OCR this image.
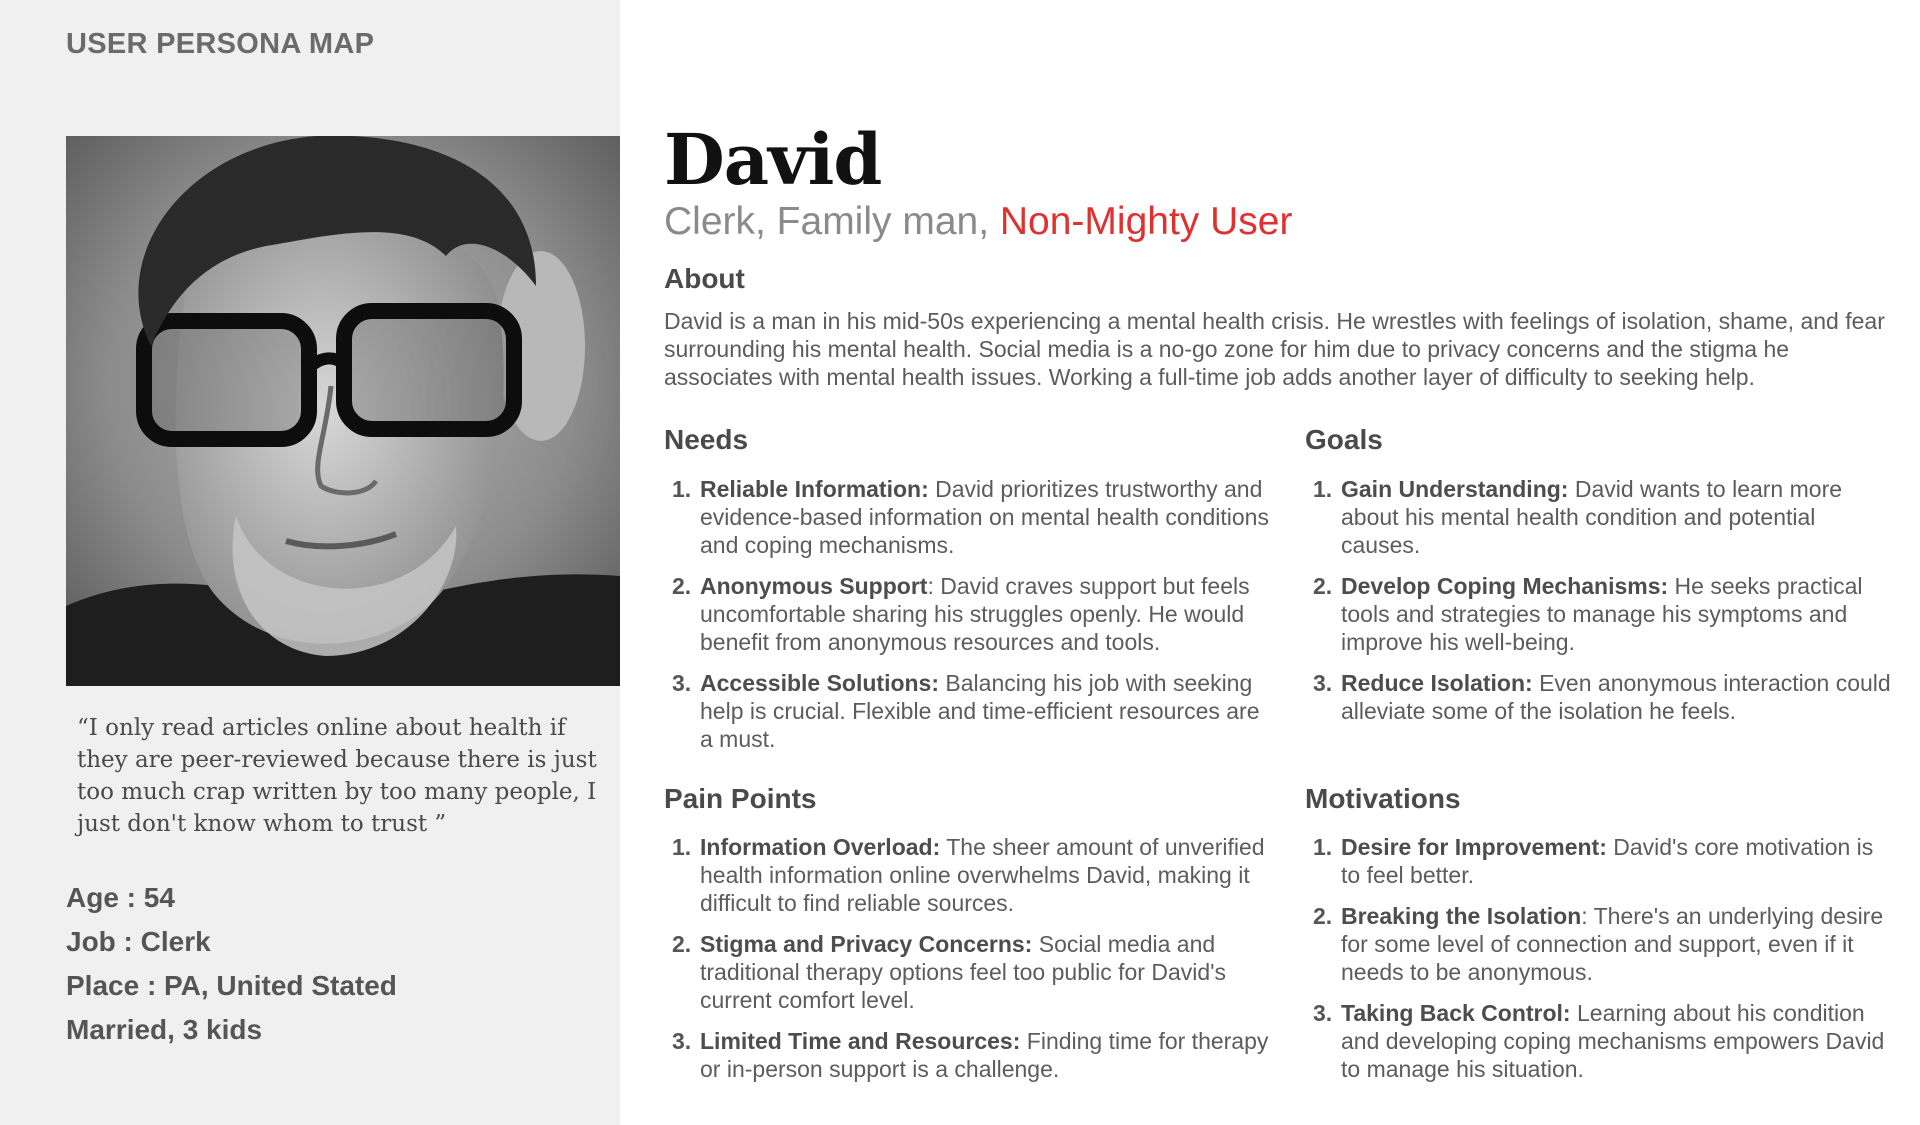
USER PERSONA MAP

“I only read articles online about health if they are peer-reviewed because there is just too much crap written by too many people, I just don't know whom to trust ”

Age : 54
Job : Clerk
Place : PA, United Stated
Married, 3 kids
David
Clerk, Family man, Non-Mighty User
About

David is a man in his mid-50s experiencing a mental health crisis. He wrestles with feelings of isolation, shame, and fear surrounding his mental health. Social media is a no-go zone for him due to privacy concerns and the stigma he associates with mental health issues. Working a full-time job adds another layer of difficulty to seeking help.

Needs
1. Reliable Information: David prioritizes trustworthy and evidence-based information on mental health conditions and coping mechanisms.
2. Anonymous Support: David craves support but feels uncomfortable sharing his struggles openly. He would benefit from anonymous resources and tools.
3. Accessible Solutions: Balancing his job with seeking help is crucial. Flexible and time-efficient resources are a must.
Goals
1. Gain Understanding: David wants to learn more about his mental health condition and potential causes.
2. Develop Coping Mechanisms: He seeks practical tools and strategies to manage his symptoms and improve his well-being.
3. Reduce Isolation: Even anonymous interaction could alleviate some of the isolation he feels.
Pain Points
1. Information Overload: The sheer amount of unverified health information online overwhelms David, making it difficult to find reliable sources.
2. Stigma and Privacy Concerns: Social media and traditional therapy options feel too public for David's current comfort level.
3. Limited Time and Resources: Finding time for therapy or in-person support is a challenge.
Motivations
1. Desire for Improvement: David's core motivation is to feel better.
2. Breaking the Isolation: There's an underlying desire for some level of connection and support, even if it needs to be anonymous.
3. Taking Back Control: Learning about his condition and developing coping mechanisms empowers David to manage his situation.
